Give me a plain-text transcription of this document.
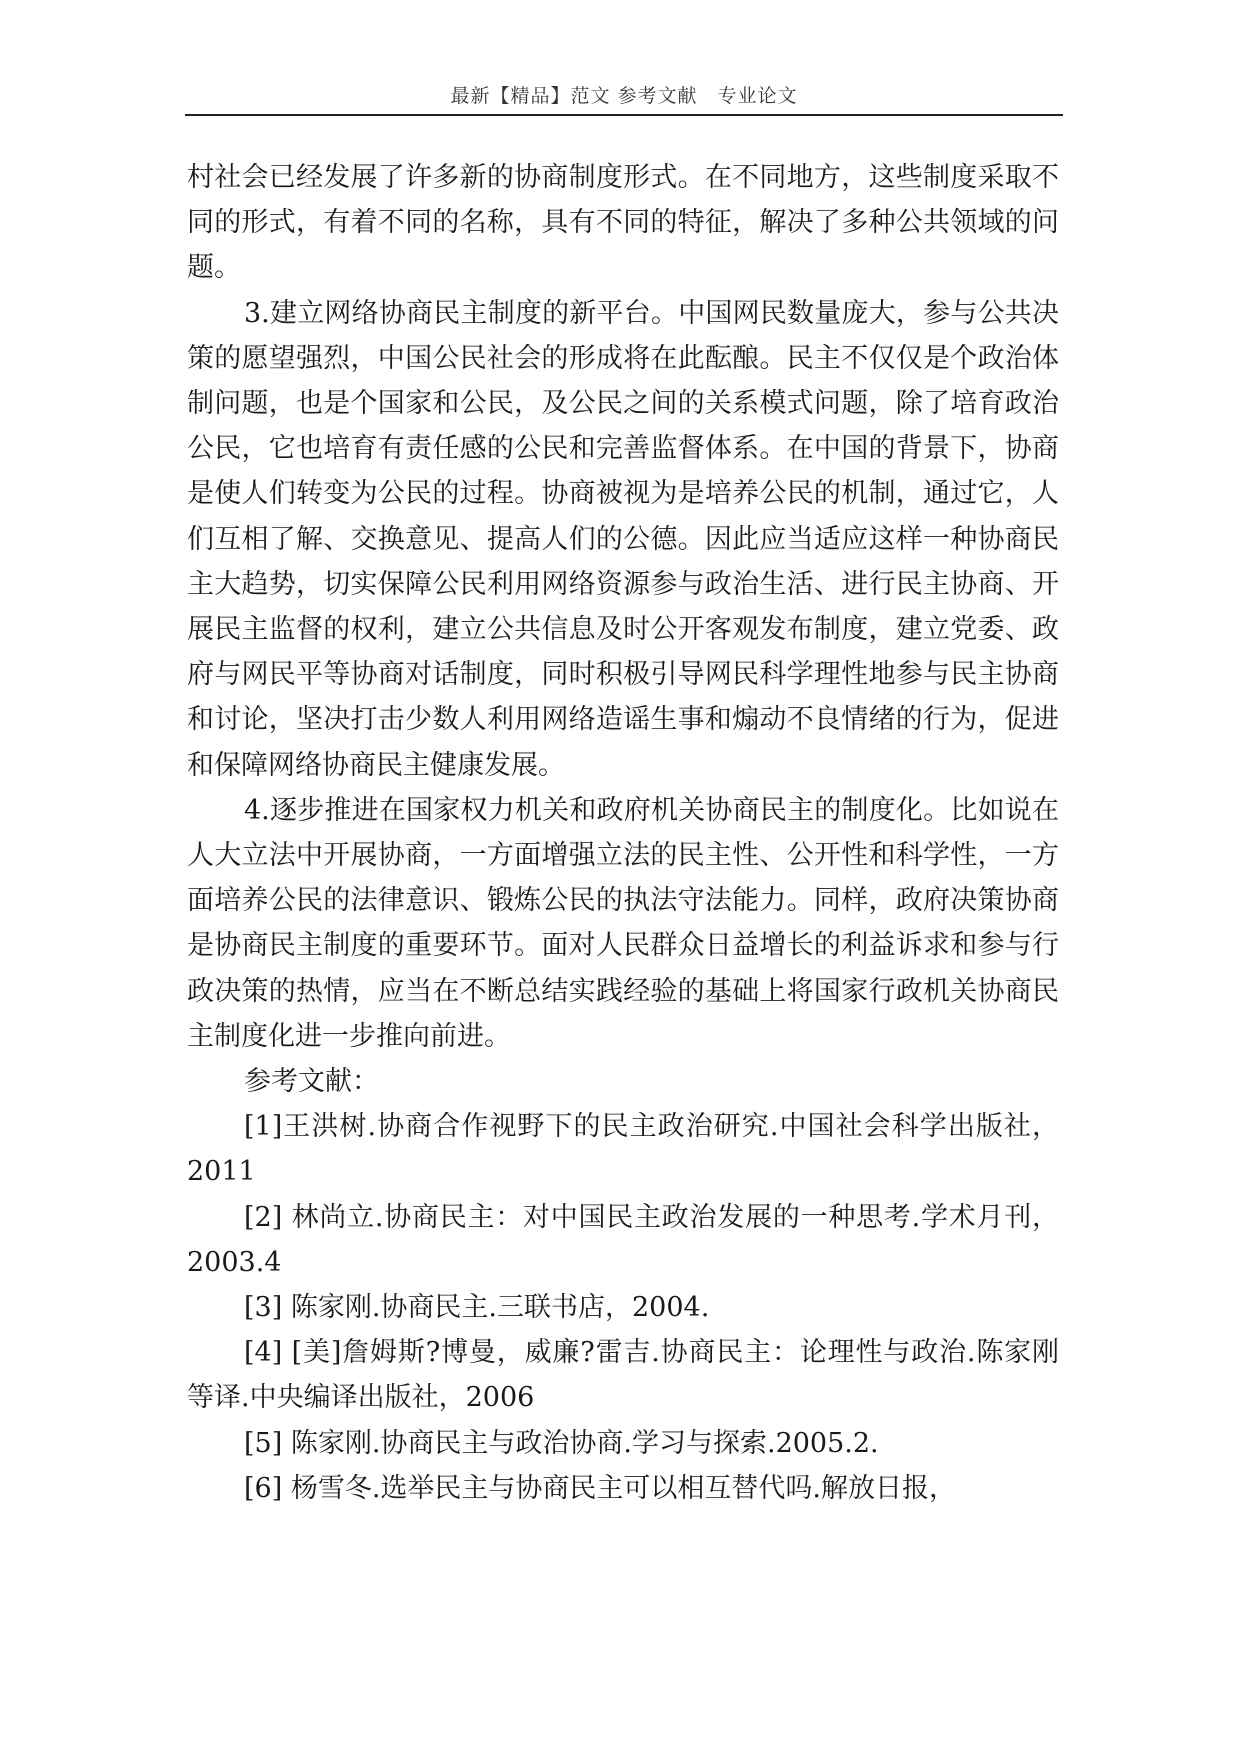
最新【精品】范文 参考文献　专业论文

村社会已经发展了许多新的协商制度形式。在不同地方，这些制度采取不同的形式，有着不同的名称，具有不同的特征，解决了多种公共领域的问题。

3.建立网络协商民主制度的新平台。中国网民数量庞大，参与公共决策的愿望强烈，中国公民社会的形成将在此酝酿。民主不仅仅是个政治体制问题，也是个国家和公民，及公民之间的关系模式问题，除了培育政治公民，它也培育有责任感的公民和完善监督体系。在中国的背景下，协商是使人们转变为公民的过程。协商被视为是培养公民的机制，通过它，人们互相了解、交换意见、提高人们的公德。因此应当适应这样一种协商民主大趋势，切实保障公民利用网络资源参与政治生活、进行民主协商、开展民主监督的权利，建立公共信息及时公开客观发布制度，建立党委、政府与网民平等协商对话制度，同时积极引导网民科学理性地参与民主协商和讨论，坚决打击少数人利用网络造谣生事和煽动不良情绪的行为，促进和保障网络协商民主健康发展。

4.逐步推进在国家权力机关和政府机关协商民主的制度化。比如说在人大立法中开展协商，一方面增强立法的民主性、公开性和科学性，一方面培养公民的法律意识、锻炼公民的执法守法能力。同样，政府决策协商是协商民主制度的重要环节。面对人民群众日益增长的利益诉求和参与行政决策的热情，应当在不断总结实践经验的基础上将国家行政机关协商民主制度化进一步推向前进。

参考文献：

[1]王洪树.协商合作视野下的民主政治研究.中国社会科学出版社，2011

[2] 林尚立.协商民主：对中国民主政治发展的一种思考.学术月刊，2003.4

[3] 陈家刚.协商民主.三联书店，2004.

[4] [美]詹姆斯?博曼，威廉?雷吉.协商民主：论理性与政治.陈家刚等译.中央编译出版社，2006

[5] 陈家刚.协商民主与政治协商.学习与探索.2005.2.

[6] 杨雪冬.选举民主与协商民主可以相互替代吗.解放日报，
